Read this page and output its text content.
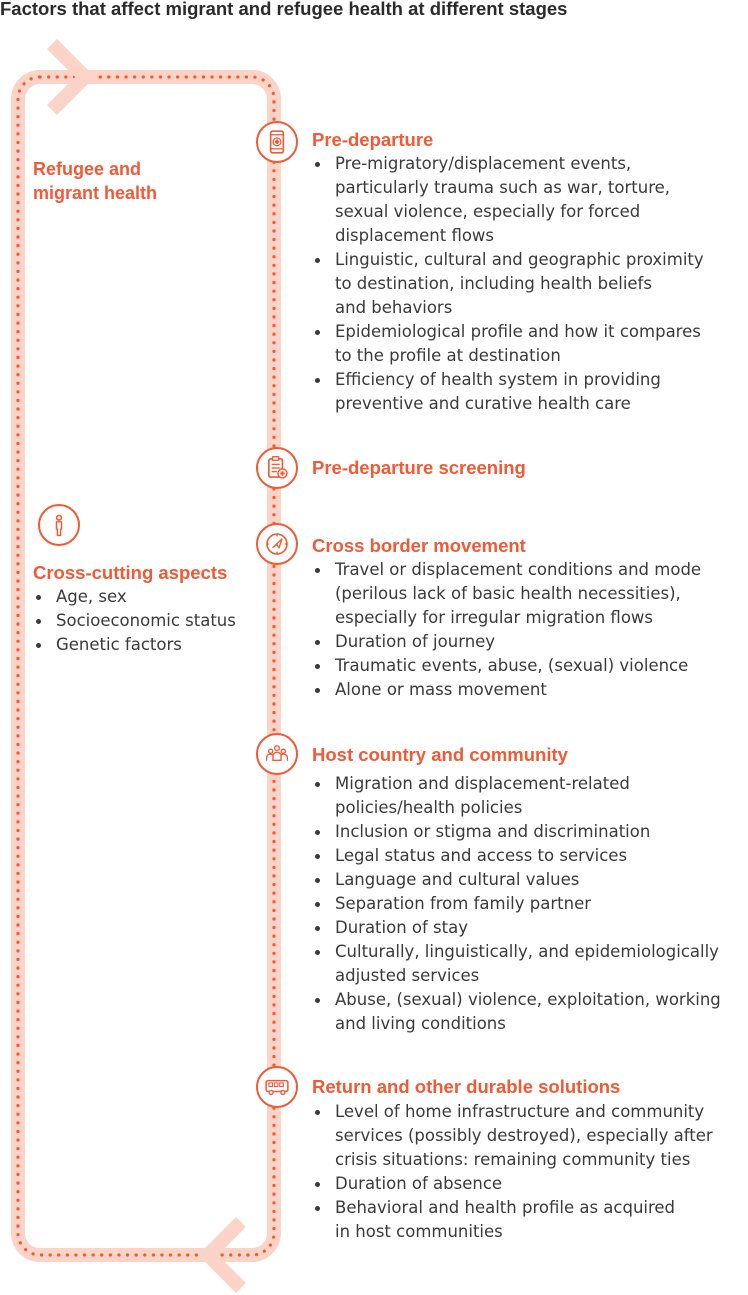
Factors that affect migrant and refugee health at different stages
Refugee and
migrant health
Cross-cutting aspects
Age, sex
Socioeconomic status
Genetic factors
Pre-departure
Pre-departure screening
Cross border movement
Host country and community
Return and other durable solutions
Pre-migratory/displacement events,
particularly trauma such as war, torture,
sexual violence, especially for forced
displacement flows
Linguistic, cultural and geographic proximity
to destination, including health beliefs
and behaviors
Epidemiological profile and how it compares
to the profile at destination
Efficiency of health system in providing
preventive and curative health care
Travel or displacement conditions and mode
(perilous lack of basic health necessities),
especially for irregular migration flows
Duration of journey
Traumatic events, abuse, (sexual) violence
Alone or mass movement
Migration and displacement-related
policies/health policies
Inclusion or stigma and discrimination
Legal status and access to services
Language and cultural values
Separation from family partner
Duration of stay
Culturally, linguistically, and epidemiologically
adjusted services
Abuse, (sexual) violence, exploitation, working
and living conditions
Level of home infrastructure and community
services (possibly destroyed), especially after
crisis situations: remaining community ties
Duration of absence
Behavioral and health profile as acquired
in host communities
